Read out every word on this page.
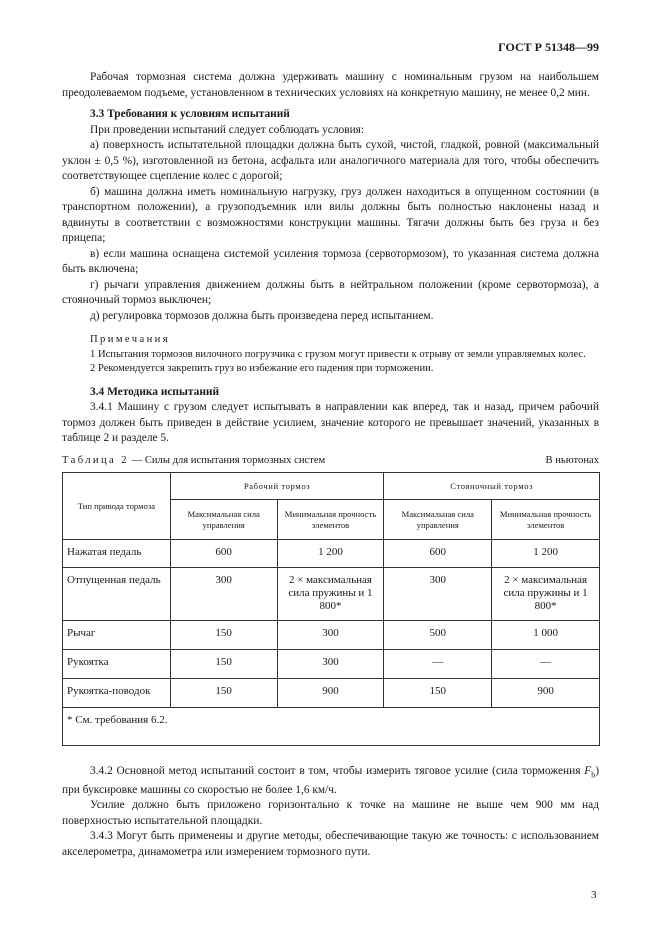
ГОСТ Р 51348—99

Рабочая тормозная система должна удерживать машину с номинальным грузом на наибольшем преодолеваемом подъеме, установленном в технических условиях на конкретную машину, не менее 0,2 мин.

3.3 Требования к условиям испытаний

При проведении испытаний следует соблюдать условия:

а) поверхность испытательной площадки должна быть сухой, чистой, гладкой, ровной (максимальный уклон ± 0,5 %), изготовленной из бетона, асфальта или аналогичного материала для того, чтобы обеспечить соответствующее сцепление колес с дорогой;

б) машина должна иметь номинальную нагрузку, груз должен находиться в опущенном состоянии (в транспортном положении), а грузоподъемник или вилы должны быть полностью наклонены назад и вдвинуты в соответствии с возможностями конструкции машины. Тягачи должны быть без груза и без прицепа;

в) если машина оснащена системой усиления тормоза (сервотормозом), то указанная система должна быть включена;

г) рычаги управления движением должны быть в нейтральном положении (кроме сервотормоза), а стояночный тормоз выключен;

д) регулировка тормозов должна быть произведена перед испытанием.

Примечания
1 Испытания тормозов вилочного погрузчика с грузом могут привести к отрыву от земли управляемых колес.
2 Рекомендуется закрепить груз во избежание его падения при торможении.
3.4 Методика испытаний

3.4.1 Машину с грузом следует испытывать в направлении как вперед, так и назад, причем рабочий тормоз должен быть приведен в действие усилием, значение которого не превышает значений, указанных в таблице 2 и разделе 5.

Таблица 2 — Силы для испытания тормозных систем	В ньютонах
Тип привода тормоза	Рабочий тормоз		Стояночный тормоз	
	Максимальная сила управления	Минимальная прочность элементов	Максимальная сила управления	Минимальная прочность элементов
Нажатая педаль	600	1 200	600	1 200
Отпущенная педаль	300	2 × максимальная сила пружины и 1 800*	300	2 × максимальная сила пружины и 1 800*
Рычаг	150	300	500	1 000
Рукоятка	150	300	—	—
Рукоятка-поводок	150	900	150	900
* См. требования 6.2.				

3.4.2 Основной метод испытаний состоит в том, чтобы измерить тяговое усилие (сила торможения $F_b$) при буксировке машины со скоростью не более 1,6 км/ч.

Усилие должно быть приложено горизонтально к точке на машине не выше чем 900 мм над поверхностью испытательной площадки.

3.4.3 Могут быть применены и другие методы, обеспечивающие такую же точность: с использованием акселерометра, динамометра или измерением тормозного пути.

3
